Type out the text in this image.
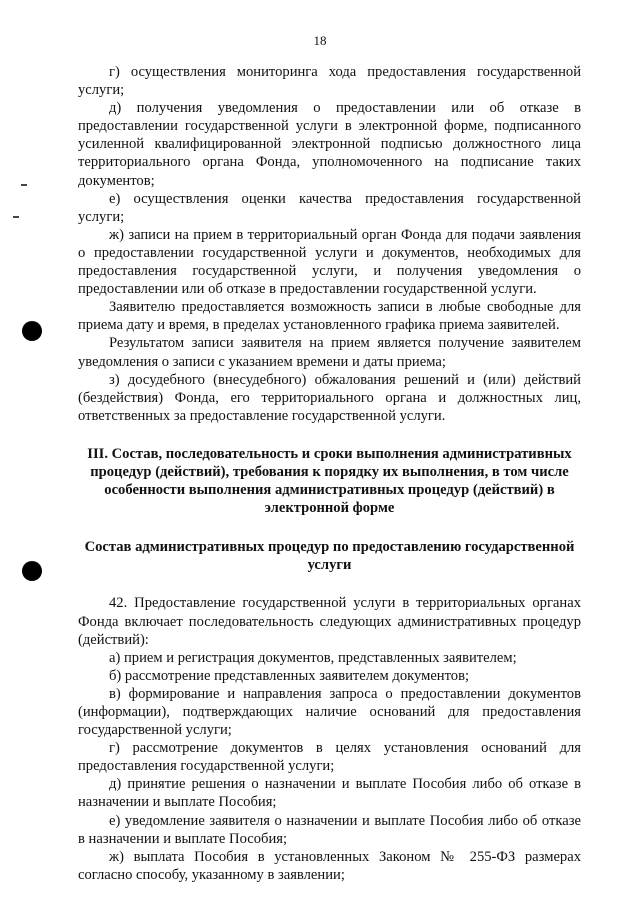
18

г) осуществления мониторинга хода предоставления государственной услуги;

д) получения уведомления о предоставлении или об отказе в предоставлении государственной услуги в электронной форме, подписанного усиленной квалифицированной электронной подписью должностного лица территориального органа Фонда, уполномоченного на подписание таких документов;

е) осуществления оценки качества предоставления государственной услуги;

ж) записи на прием в территориальный орган Фонда для подачи заявления о предоставлении государственной услуги и документов, необходимых для предоставления государственной услуги, и получения уведомления о предоставлении или об отказе в предоставлении государственной услуги.

Заявителю предоставляется возможность записи в любые свободные для приема дату и время, в пределах установленного графика приема заявителей.

Результатом записи заявителя на прием является получение заявителем уведомления о записи с указанием времени и даты приема;

з) досудебного (внесудебного) обжалования решений и (или) действий (бездействия) Фонда, его территориального органа и должностных лиц, ответственных за предоставление государственной услуги.

III. Состав, последовательность и сроки выполнения административных процедур (действий), требования к порядку их выполнения, в том числе особенности выполнения административных процедур (действий) в электронной форме

Состав административных процедур по предоставлению государственной услуги

42. Предоставление государственной услуги в территориальных органах Фонда включает последовательность следующих административных процедур (действий):

а) прием и регистрация документов, представленных заявителем;

б) рассмотрение представленных заявителем документов;

в) формирование и направления запроса о предоставлении документов (информации), подтверждающих наличие оснований для предоставления государственной услуги;

г) рассмотрение документов в целях установления оснований для предоставления государственной услуги;

д) принятие решения о назначении и выплате Пособия либо об отказе в назначении и выплате Пособия;

е) уведомление заявителя о назначении и выплате Пособия либо об отказе в назначении и выплате Пособия;

ж) выплата Пособия в установленных Законом № 255-ФЗ размерах согласно способу, указанному в заявлении;
